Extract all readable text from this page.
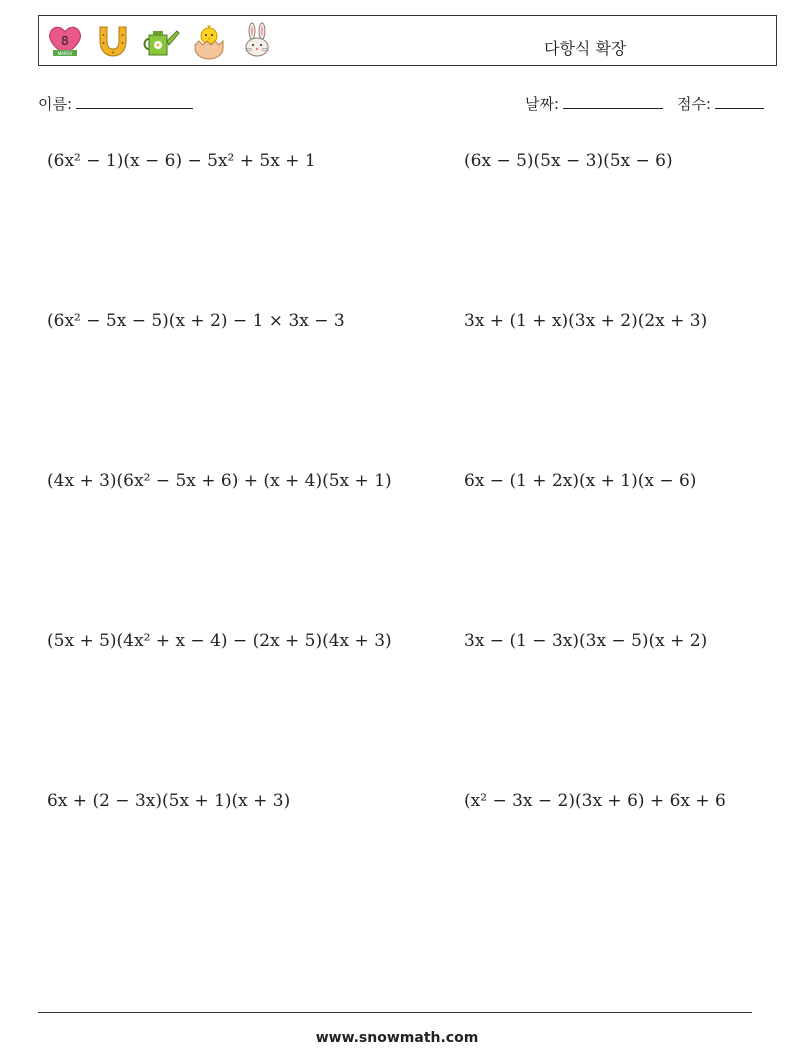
8
MARCH	다항식 확장
이름:	날짜:	점수:
(6x² − 1)(x − 6) − 5x² + 5x + 1	(6x − 5)(5x − 3)(5x − 6)
(6x² − 5x − 5)(x + 2) − 1 × 3x − 3	3x + (1 + x)(3x + 2)(2x + 3)
(4x + 3)(6x² − 5x + 6) + (x + 4)(5x + 1)	6x − (1 + 2x)(x + 1)(x − 6)
(5x + 5)(4x² + x − 4) − (2x + 5)(4x + 3)	3x − (1 − 3x)(3x − 5)(x + 2)
6x + (2 − 3x)(5x + 1)(x + 3)	(x² − 3x − 2)(3x + 6) + 6x + 6
www.snowmath.com
